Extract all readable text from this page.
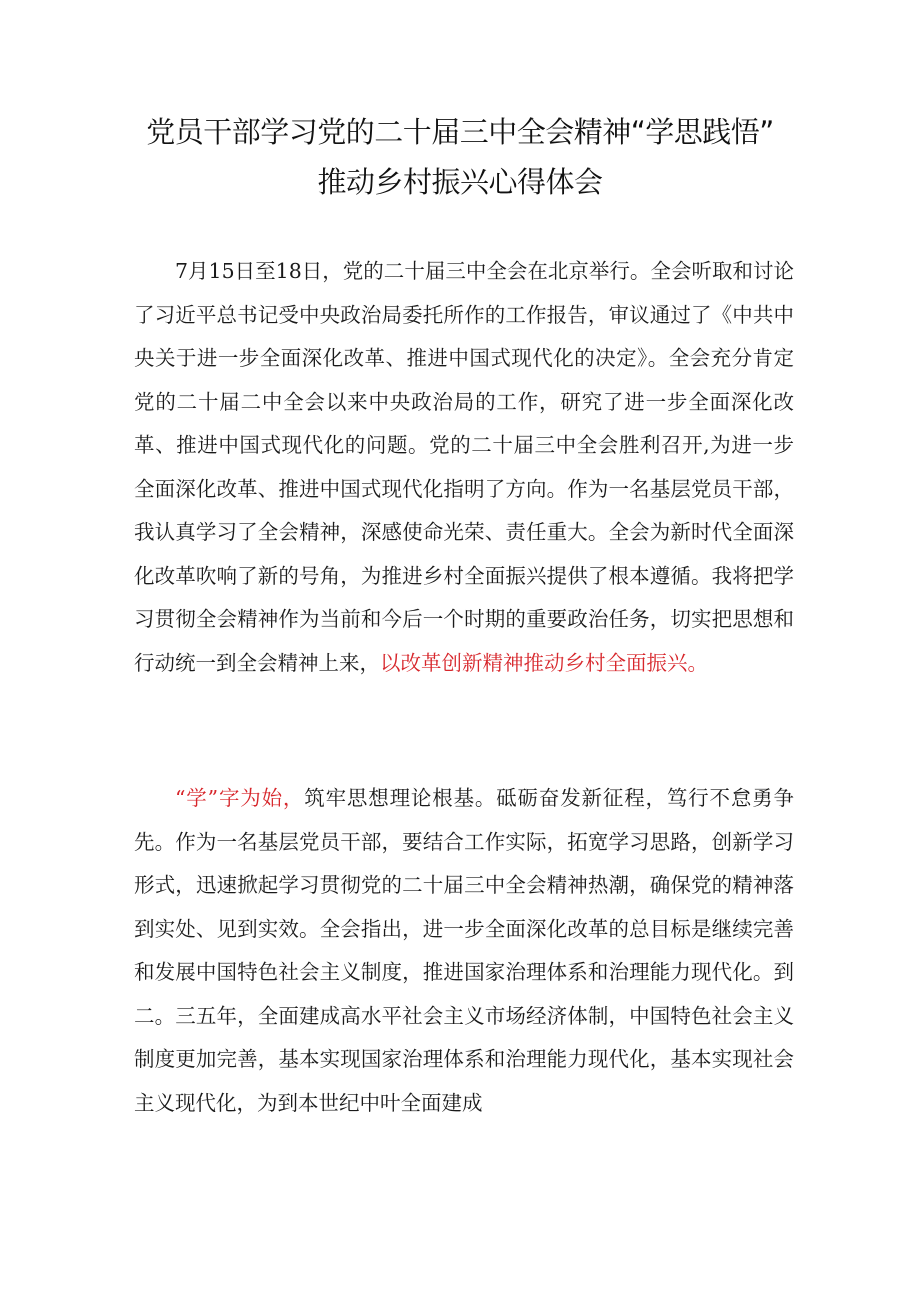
党员干部学习党的二十届三中全会精神“学思践悟”
推动乡村振兴心得体会

7月15日至18日，党的二十届三中全会在北京举行。全会听取和讨论了习近平总书记受中央政治局委托所作的工作报告，审议通过了《中共中央关于进一步全面深化改革、推进中国式现代化的决定》。全会充分肯定党的二十届二中全会以来中央政治局的工作，研究了进一步全面深化改革、推进中国式现代化的问题。党的二十届三中全会胜利召开,为进一步全面深化改革、推进中国式现代化指明了方向。作为一名基层党员干部，我认真学习了全会精神，深感使命光荣、责任重大。全会为新时代全面深化改革吹响了新的号角，为推进乡村全面振兴提供了根本遵循。我将把学习贯彻全会精神作为当前和今后一个时期的重要政治任务，切实把思想和行动统一到全会精神上来，以改革创新精神推动乡村全面振兴。

“学”字为始，筑牢思想理论根基。砥砺奋发新征程，笃行不怠勇争先。作为一名基层党员干部，要结合工作实际，拓宽学习思路，创新学习形式，迅速掀起学习贯彻党的二十届三中全会精神热潮，确保党的精神落到实处、见到实效。全会指出，进一步全面深化改革的总目标是继续完善和发展中国特色社会主义制度，推进国家治理体系和治理能力现代化。到二。三五年，全面建成高水平社会主义市场经济体制，中国特色社会主义制度更加完善，基本实现国家治理体系和治理能力现代化，基本实现社会主义现代化，为到本世纪中叶全面建成
